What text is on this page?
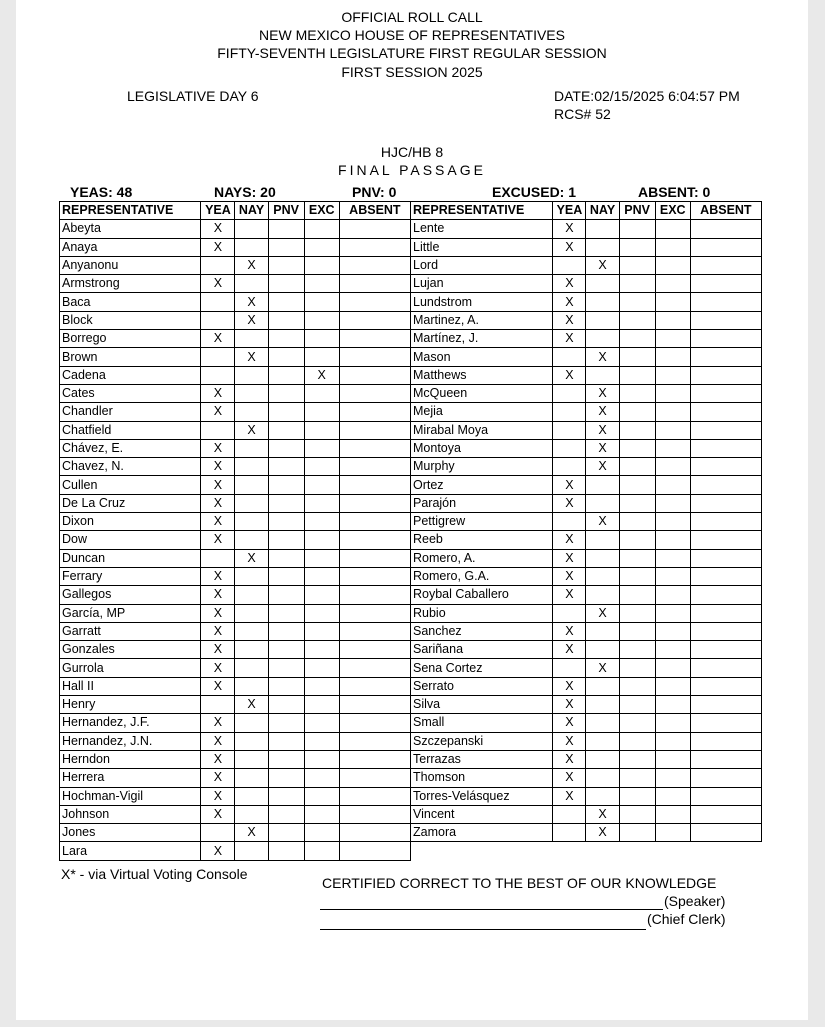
OFFICIAL ROLL CALL
NEW MEXICO HOUSE OF REPRESENTATIVES
FIFTY-SEVENTH LEGISLATURE FIRST REGULAR SESSION
FIRST SESSION 2025
LEGISLATIVE DAY 6	DATE:02/15/2025 6:04:57 PM
RCS# 52
HJC/HB 8
FINAL PASSAGE
YEAS: 48	NAYS: 20	PNV: 0	EXCUSED: 1	ABSENT: 0
REPRESENTATIVE	YEA	NAY	PNV	EXC	ABSENT
Abeyta	X				
Anaya	X				
Anyanonu		X			
Armstrong	X				
Baca		X			
Block		X			
Borrego	X				
Brown		X			
Cadena				X	
Cates	X				
Chandler	X				
Chatfield		X			
Chávez, E.	X				
Chavez, N.	X				
Cullen	X				
De La Cruz	X				
Dixon	X				
Dow	X				
Duncan		X			
Ferrary	X				
Gallegos	X				
García, MP	X				
Garratt	X				
Gonzales	X				
Gurrola	X				
Hall II	X				
Henry		X			
Hernandez, J.F.	X				
Hernandez, J.N.	X				
Herndon	X				
Herrera	X				
Hochman-Vigil	X				
Johnson	X				
Jones		X			
Lara	X				
REPRESENTATIVE	YEA	NAY	PNV	EXC	ABSENT
Lente	X				
Little	X				
Lord		X			
Lujan	X				
Lundstrom	X				
Martinez, A.	X				
Martínez, J.	X				
Mason		X			
Matthews	X				
McQueen		X			
Mejia		X			
Mirabal Moya		X			
Montoya		X			
Murphy		X			
Ortez	X				
Parajón	X				
Pettigrew		X			
Reeb	X				
Romero, A.	X				
Romero, G.A.	X				
Roybal Caballero	X				
Rubio		X			
Sanchez	X				
Sariñana	X				
Sena Cortez		X			
Serrato	X				
Silva	X				
Small	X				
Szczepanski	X				
Terrazas	X				
Thomson	X				
Torres-Velásquez	X				
Vincent		X			
Zamora		X			
X* - via Virtual Voting Console
CERTIFIED CORRECT TO THE BEST OF OUR KNOWLEDGE
(Speaker)
(Chief Clerk)
